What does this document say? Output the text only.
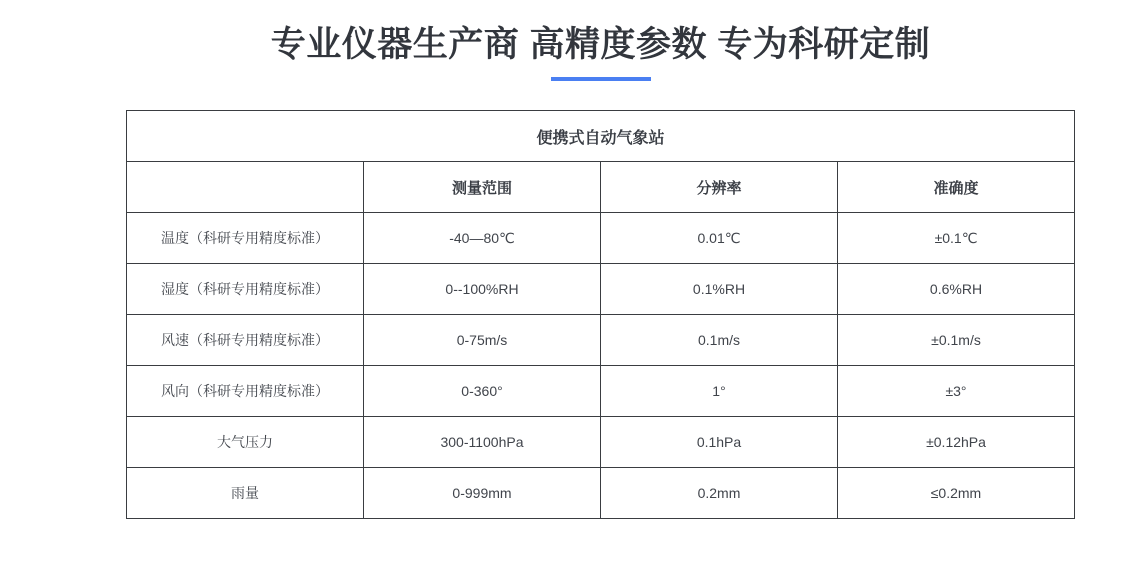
专业仪器生产商 高精度参数 专为科研定制
便携式自动气象站			
	测量范围	分辨率	准确度
温度（科研专用精度标准）	-40—80℃	0.01℃	±0.1℃
湿度（科研专用精度标准）	0--100%RH	0.1%RH	0.6%RH
风速（科研专用精度标准）	0-75m/s	0.1m/s	±0.1m/s
风向（科研专用精度标准）	0-360°	1°	±3°
大气压力	300-1100hPa	0.1hPa	±0.12hPa
雨量	0-999mm	0.2mm	≤0.2mm
